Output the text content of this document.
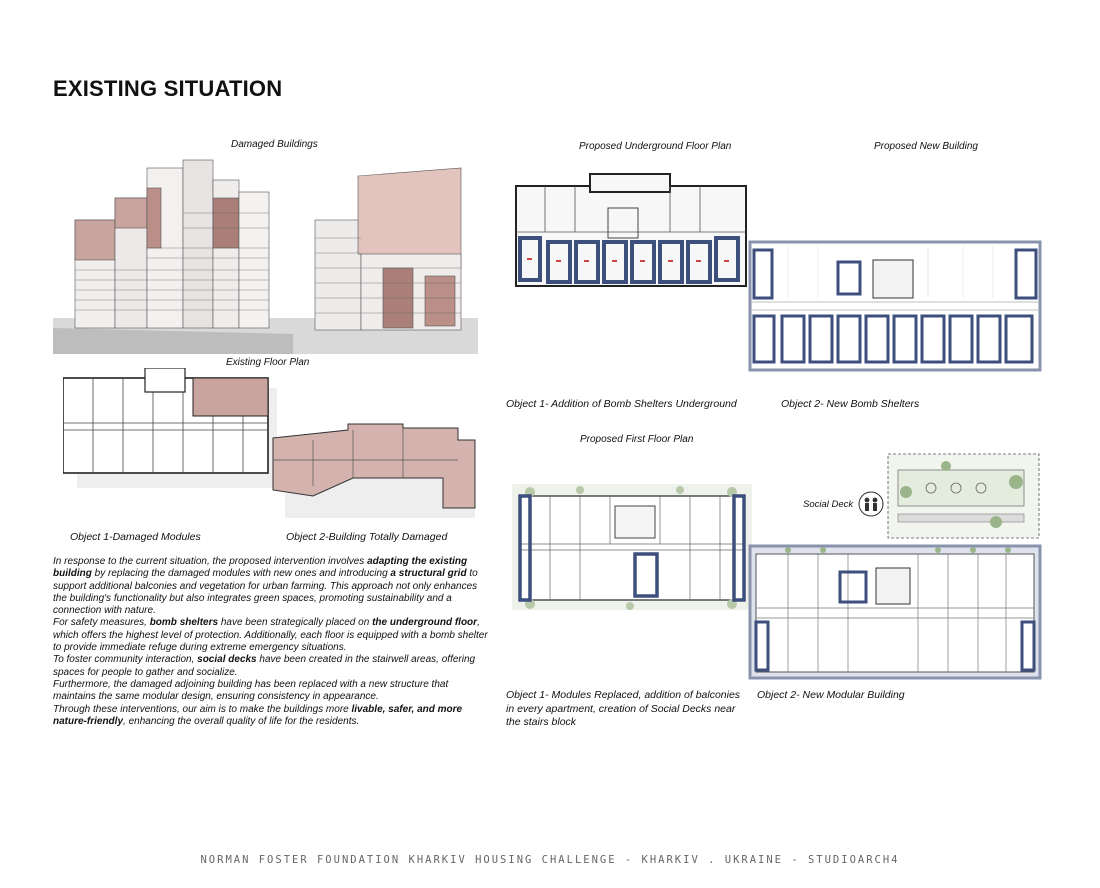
EXISTING SITUATION
Damaged Buildings
Existing Floor Plan
Proposed Underground Floor Plan	Proposed New Building
Proposed First Floor Plan
Object 1-Damaged Modules	Object 2-Building Totally Damaged
Object 1- Addition of Bomb Shelters Underground	Object 2- New Bomb Shelters
Social Deck
Object 1- Modules Replaced, addition of balconies in every apartment, creation of Social Decks near the stairs block
Object 2- New Modular Building

In response to the current situation, the proposed intervention involves adapting the existing building by replacing the damaged modules with new ones and introducing a structural grid to support additional balconies and vegetation for urban farming. This approach not only enhances the building's functionality but also integrates green spaces, promoting sustainability and a connection with nature.

For safety measures, bomb shelters have been strategically placed on the underground floor, which offers the highest level of protection. Additionally, each floor is equipped with a bomb shelter to provide immediate refuge during extreme emergency situations.

To foster community interaction, social decks have been created in the stairwell areas, offering spaces for people to gather and socialize.

Furthermore, the damaged adjoining building has been replaced with a new structure that maintains the same modular design, ensuring consistency in appearance.

Through these interventions, our aim is to make the buildings more livable, safer, and more nature-friendly, enhancing the overall quality of life for the residents.

NORMAN FOSTER FOUNDATION KHARKIV HOUSING CHALLENGE - KHARKIV . UKRAINE - STUDIOARCH4
